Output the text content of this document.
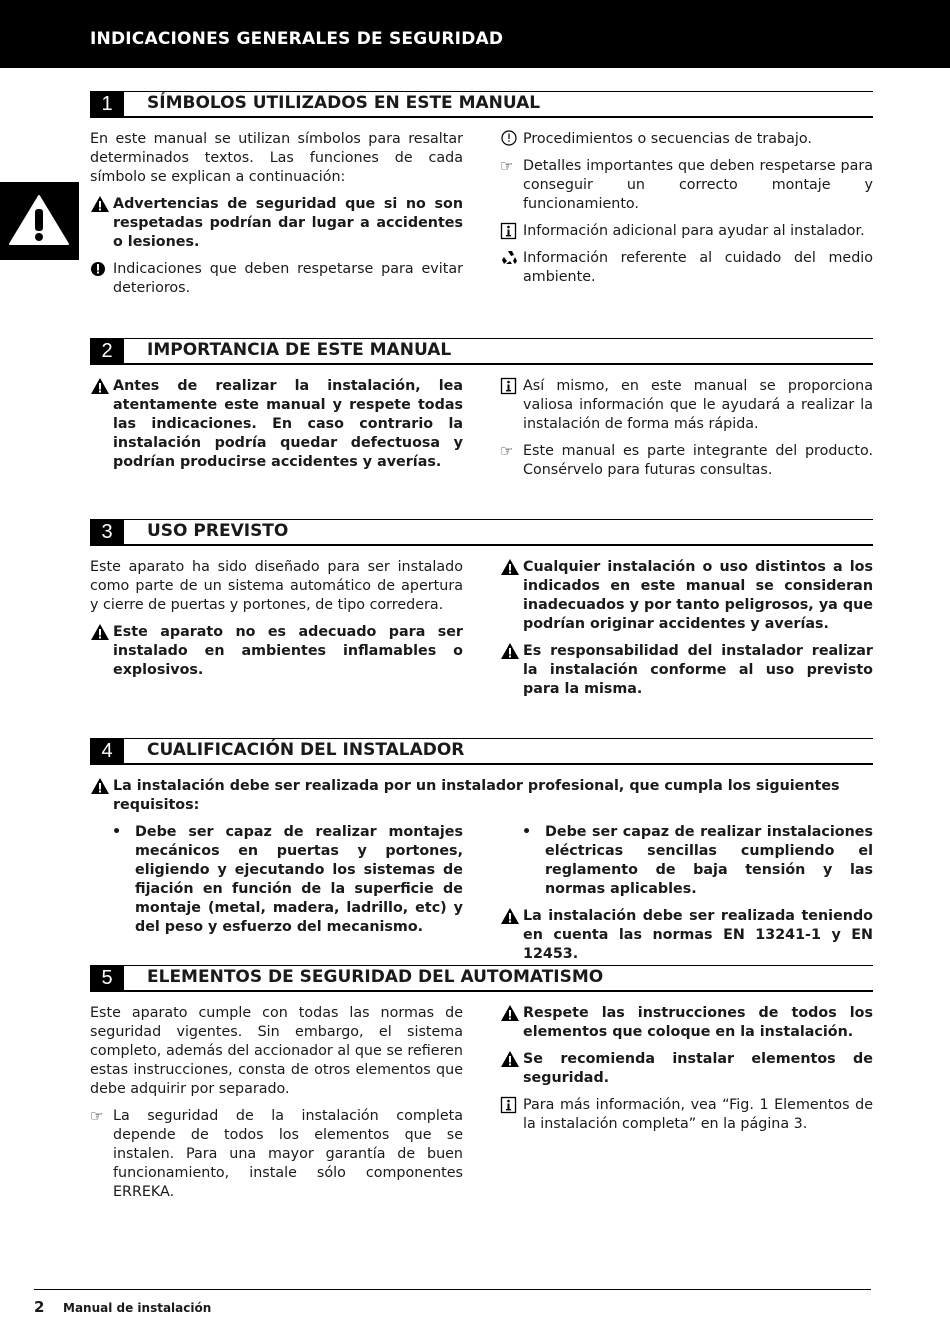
INDICACIONES GENERALES DE SEGURIDAD
1	SÍMBOLOS UTILIZADOS EN ESTE MANUAL

En este manual se utilizan símbolos para resaltar determinados textos. Las funciones de cada símbolo se explican a continuación:

Advertencias de seguridad que si no son respetadas podrían dar lugar a accidentes o lesiones.
Indicaciones que deben respetarse para evitar deterioros.
Procedimientos o secuencias de trabajo.
☞ Detalles importantes que deben respetarse para conseguir un correcto montaje y funcionamiento.
Información adicional para ayudar al instalador.
Información referente al cuidado del medio ambiente.
2	IMPORTANCIA DE ESTE MANUAL
Antes de realizar la instalación, lea atentamente este manual y respete todas las indicaciones. En caso contrario la instalación podría quedar defectuosa y podrían producirse accidentes y averías.
Así mismo, en este manual se proporciona valiosa información que le ayudará a realizar la instalación de forma más rápida.
☞ Este manual es parte integrante del producto. Consérvelo para futuras consultas.
3	USO PREVISTO

Este aparato ha sido diseñado para ser instalado como parte de un sistema automático de apertura y cierre de puertas y portones, de tipo corredera.

Este aparato no es adecuado para ser instalado en ambientes inflamables o explosivos.
Cualquier instalación o uso distintos a los indicados en este manual se consideran inadecuados y por tanto peligrosos, ya que podrían originar accidentes y averías.
Es responsabilidad del instalador realizar la instalación conforme al uso previsto para la misma.
4	CUALIFICACIÓN DEL INSTALADOR
La instalación debe ser realizada por un instalador profesional, que cumpla los siguientes requisitos:
• Debe ser capaz de realizar montajes mecánicos en puertas y portones, eligiendo y ejecutando los sistemas de fijación en función de la superficie de montaje (metal, madera, ladrillo, etc) y del peso y esfuerzo del mecanismo.
• Debe ser capaz de realizar instalaciones eléctricas sencillas cumpliendo el reglamento de baja tensión y las normas aplicables.
La instalación debe ser realizada teniendo en cuenta las normas EN 13241-1 y EN 12453.
5	ELEMENTOS DE SEGURIDAD DEL AUTOMATISMO

Este aparato cumple con todas las normas de seguridad vigentes. Sin embargo, el sistema completo, además del accionador al que se refieren estas instrucciones, consta de otros elementos que debe adquirir por separado.

☞ La seguridad de la instalación completa depende de todos los elementos que se instalen. Para una mayor garantía de buen funcionamiento, instale sólo componentes ERREKA.
Respete las instrucciones de todos los elementos que coloque en la instalación.
Se recomienda instalar elementos de seguridad.
Para más información, vea “Fig. 1 Elementos de la instalación completa” en la página 3.
2 Manual de instalación
